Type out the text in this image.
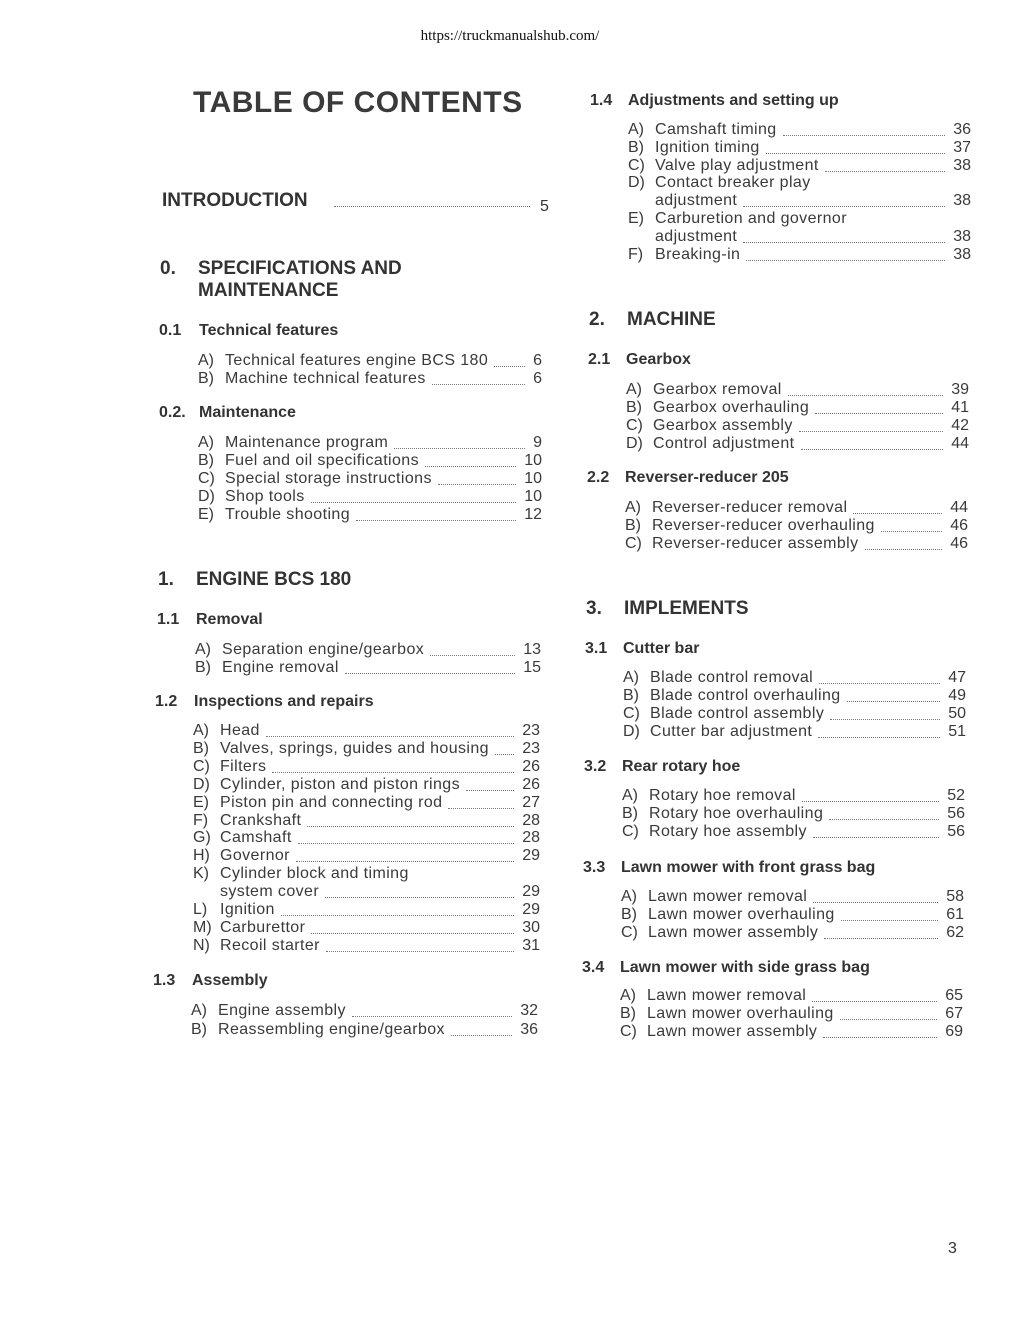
https://truckmanualshub.com/
TABLE OF CONTENTS
INTRODUCTION	5
0. SPECIFICATIONS AND
MAINTENANCE
0.1 Technical features
0.2. Maintenance
1. ENGINE BCS 180
1.1 Removal
1.2 Inspections and repairs
1.3 Assembly
A) Technical features engine BCS 180	6
B) Machine technical features	6
A) Maintenance program	9
B) Fuel and oil specifications	10
C) Special storage instructions	10
D) Shop tools	10
E) Trouble shooting	12
A) Separation engine/gearbox	13
B) Engine removal	15
A) Head	23
B) Valves, springs, guides and housing 23
C) Filters	26
D) Cylinder, piston and piston rings	26
E) Piston pin and connecting rod	27
F) Crankshaft	28
G) Camshaft	28
H) Governor	29
K) Cylinder block and timing
system cover	29
L) Ignition	29
M) Carburettor	30
N) Recoil starter	31
A) Engine assembly	32
B) Reassembling engine/gearbox	36
1.4 Adjustments and setting up
2. MACHINE
2.1 Gearbox
2.2 Reverser-reducer 205
3. IMPLEMENTS
3.1 Cutter bar
3.2 Rear rotary hoe
3.3 Lawn mower with front grass bag
3.4 Lawn mower with side grass bag
A) Camshaft timing	36
B) Ignition timing	37
C) Valve play adjustment	38
D) Contact breaker play
adjustment	38
E) Carburetion and governor
adjustment	38
F) Breaking-in	38
A) Gearbox removal	39
B) Gearbox overhauling	41
C) Gearbox assembly	42
D) Control adjustment	44
A) Reverser-reducer removal	44
B) Reverser-reducer overhauling	46
C) Reverser-reducer assembly	46
A) Blade control removal	47
B) Blade control overhauling	49
C) Blade control assembly	50
D) Cutter bar adjustment	51
A) Rotary hoe removal	52
B) Rotary hoe overhauling	56
C) Rotary hoe assembly	56
A) Lawn mower removal	58
B) Lawn mower overhauling	61
C) Lawn mower assembly	62
A) Lawn mower removal	65
B) Lawn mower overhauling	67
C) Lawn mower assembly	69
3
